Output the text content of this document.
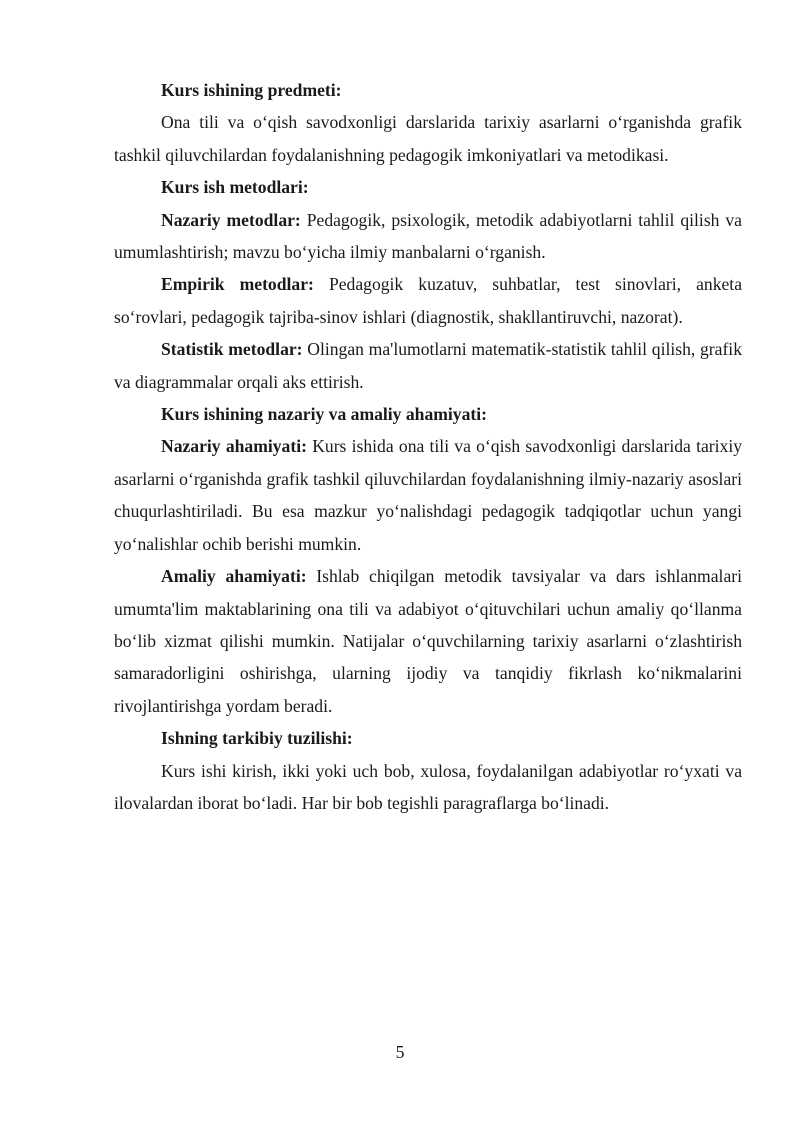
Kurs ishining predmeti:

Ona tili va o‘qish savodxonligi darslarida tarixiy asarlarni o‘rganishda grafik tashkil qiluvchilardan foydalanishning pedagogik imkoniyatlari va metodikasi.

Kurs ish metodlari:

Nazariy metodlar: Pedagogik, psixologik, metodik adabiyotlarni tahlil qilish va umumlashtirish; mavzu bo‘yicha ilmiy manbalarni o‘rganish.

Empirik metodlar: Pedagogik kuzatuv, suhbatlar, test sinovlari, anketa so‘rovlari, pedagogik tajriba-sinov ishlari (diagnostik, shakllantiruvchi, nazorat).

Statistik metodlar: Olingan ma'lumotlarni matematik-statistik tahlil qilish, grafik va diagrammalar orqali aks ettirish.

Kurs ishining nazariy va amaliy ahamiyati:

Nazariy ahamiyati: Kurs ishida ona tili va o‘qish savodxonligi darslarida tarixiy asarlarni o‘rganishda grafik tashkil qiluvchilardan foydalanishning ilmiy-nazariy asoslari chuqurlashtiriladi. Bu esa mazkur yo‘nalishdagi pedagogik tadqiqotlar uchun yangi yo‘nalishlar ochib berishi mumkin.

Amaliy ahamiyati: Ishlab chiqilgan metodik tavsiyalar va dars ishlanmalari umumta'lim maktablarining ona tili va adabiyot o‘qituvchilari uchun amaliy qo‘llanma bo‘lib xizmat qilishi mumkin. Natijalar o‘quvchilarning tarixiy asarlarni o‘zlashtirish samaradorligini oshirishga, ularning ijodiy va tanqidiy fikrlash ko‘nikmalarini rivojlantirishga yordam beradi.

Ishning tarkibiy tuzilishi:

Kurs ishi kirish, ikki yoki uch bob, xulosa, foydalanilgan adabiyotlar ro‘yxati va ilovalardan iborat bo‘ladi. Har bir bob tegishli paragraflarga bo‘linadi.

5
